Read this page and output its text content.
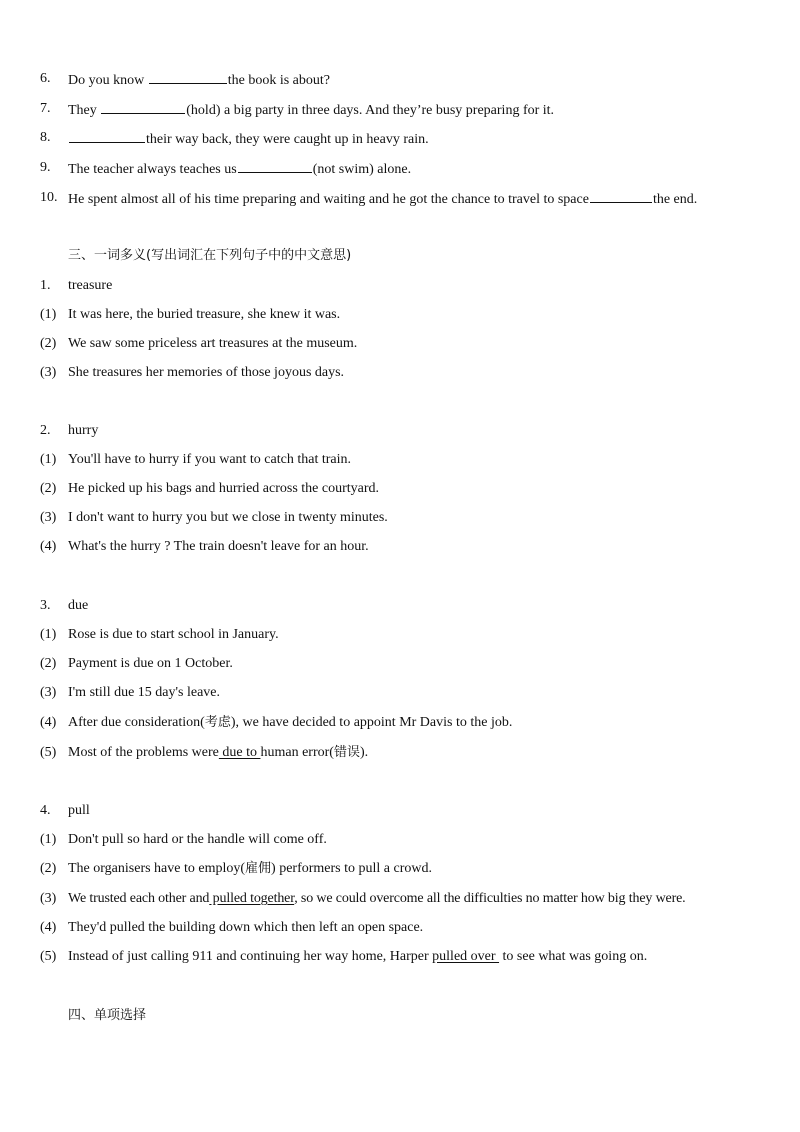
6. Do you know	the book is about?
7. They	(hold) a big party in three days. And they’re busy preparing for it.
8.	their way back, they were caught up in heavy rain.
9. The teacher always teaches us	(not swim) alone.
10. He spent almost all of his time preparing and waiting and he got the chance to travel to space	the end.
三、一词多义(写出词汇在下列句子中的中文意思)
1. treasure
(1) It was here, the buried treasure, she knew it was.
(2) We saw some priceless art treasures at the museum.
(3) She treasures her memories of those joyous days.
2. hurry
(1) You'll have to hurry if you want to catch that train.
(2) He picked up his bags and hurried across the courtyard.
(3) I don't want to hurry you but we close in twenty minutes.
(4) What's the hurry ? The train doesn't leave for an hour.
3. due
(1) Rose is due to start school in January.
(2) Payment is due on 1 October.
(3) I'm still due 15 day's leave.
(4) After due consideration(考虑), we have decided to appoint Mr Davis to the job.
(5) Most of the problems were due to human error(错误).
4. pull
(1) Don't pull so hard or the handle will come off.
(2) The organisers have to employ(雇佣) performers to pull a crowd.
(3) We trusted each other and pulled together, so we could overcome all the difficulties no matter how big they were.
(4) They'd pulled the building down which then left an open space.
(5) Instead of just calling 911 and continuing her way home, Harper pulled over  to see what was going on.
四、单项选择
